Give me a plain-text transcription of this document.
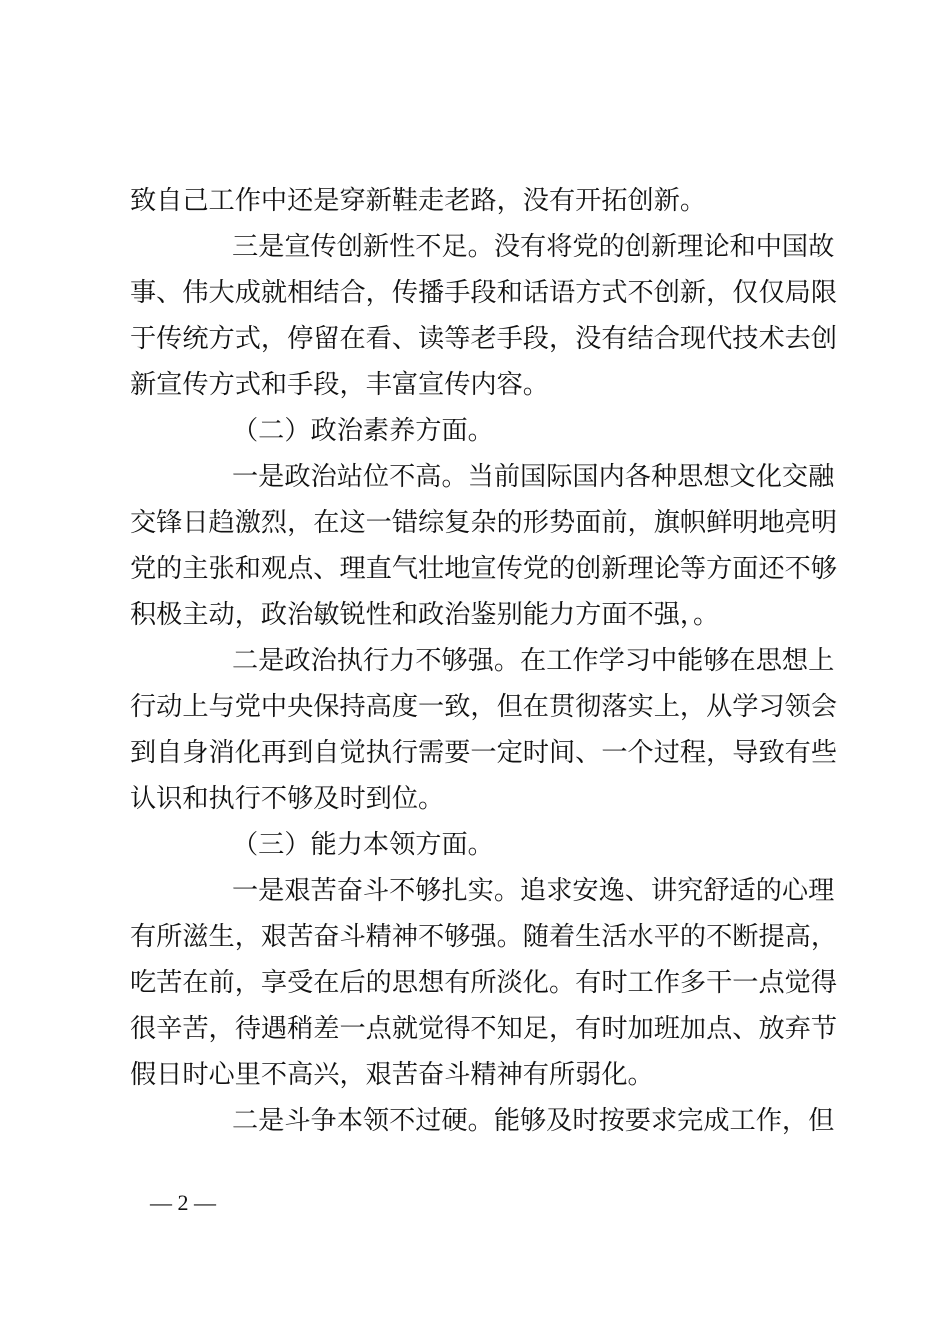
致自己工作中还是穿新鞋走老路，没有开拓创新。
三是宣传创新性不足。没有将党的创新理论和中国故
事、伟大成就相结合，传播手段和话语方式不创新，仅仅局限
于传统方式，停留在看、读等老手段，没有结合现代技术去创
新宣传方式和手段，丰富宣传内容。
（二）政治素养方面。
一是政治站位不高。当前国际国内各种思想文化交融
交锋日趋激烈，在这一错综复杂的形势面前，旗帜鲜明地亮明
党的主张和观点、理直气壮地宣传党的创新理论等方面还不够
积极主动，政治敏锐性和政治鉴别能力方面不强，。
二是政治执行力不够强。在工作学习中能够在思想上
行动上与党中央保持高度一致，但在贯彻落实上，从学习领会
到自身消化再到自觉执行需要一定时间、一个过程，导致有些
认识和执行不够及时到位。
（三）能力本领方面。
一是艰苦奋斗不够扎实。追求安逸、讲究舒适的心理
有所滋生，艰苦奋斗精神不够强。随着生活水平的不断提高，
吃苦在前，享受在后的思想有所淡化。有时工作多干一点觉得
很辛苦，待遇稍差一点就觉得不知足，有时加班加点、放弃节
假日时心里不高兴，艰苦奋斗精神有所弱化。
二是斗争本领不过硬。能够及时按要求完成工作，但
— 2 —
